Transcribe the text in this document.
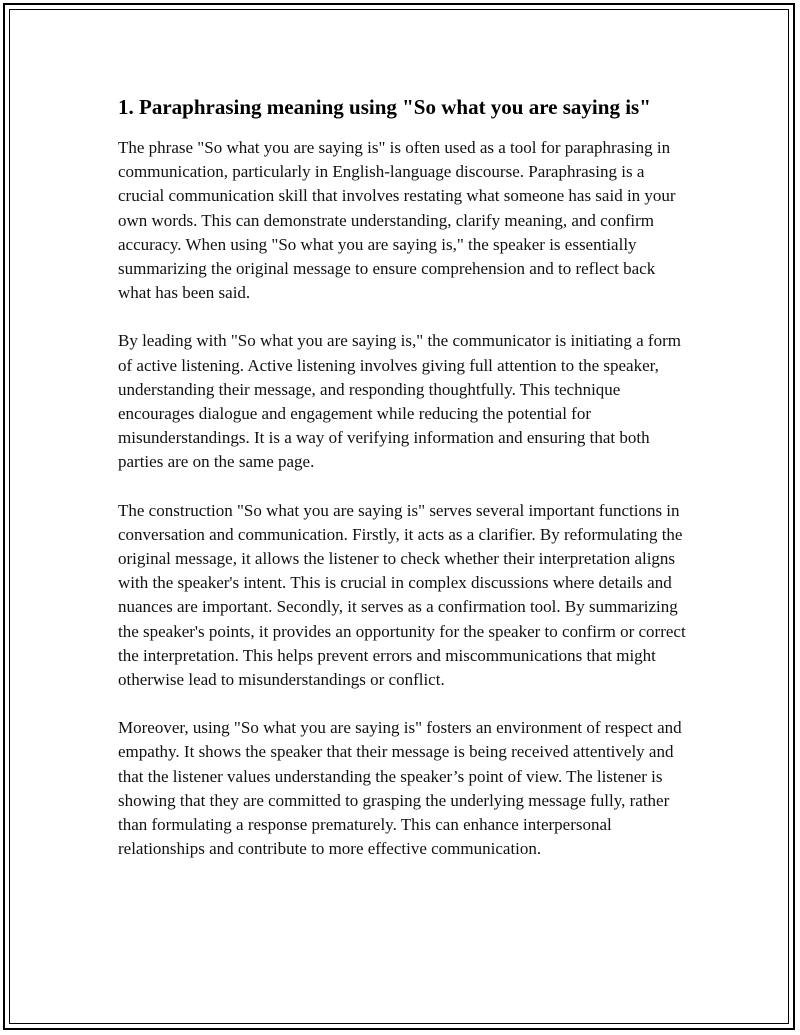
1. Paraphrasing meaning using "So what you are saying is"

The phrase "So what you are saying is" is often used as a tool for paraphrasing in communication, particularly in English-language discourse. Paraphrasing is a crucial communication skill that involves restating what someone has said in your own words. This can demonstrate understanding, clarify meaning, and confirm accuracy. When using "So what you are saying is," the speaker is essentially summarizing the original message to ensure comprehension and to reflect back what has been said.

By leading with "So what you are saying is," the communicator is initiating a form of active listening. Active listening involves giving full attention to the speaker, understanding their message, and responding thoughtfully. This technique encourages dialogue and engagement while reducing the potential for misunderstandings. It is a way of verifying information and ensuring that both parties are on the same page.

The construction "So what you are saying is" serves several important functions in conversation and communication. Firstly, it acts as a clarifier. By reformulating the original message, it allows the listener to check whether their interpretation aligns with the speaker's intent. This is crucial in complex discussions where details and nuances are important. Secondly, it serves as a confirmation tool. By summarizing the speaker's points, it provides an opportunity for the speaker to confirm or correct the interpretation. This helps prevent errors and miscommunications that might otherwise lead to misunderstandings or conflict.

Moreover, using "So what you are saying is" fosters an environment of respect and empathy. It shows the speaker that their message is being received attentively and that the listener values understanding the speaker’s point of view. The listener is showing that they are committed to grasping the underlying message fully, rather than formulating a response prematurely. This can enhance interpersonal relationships and contribute to more effective communication.
